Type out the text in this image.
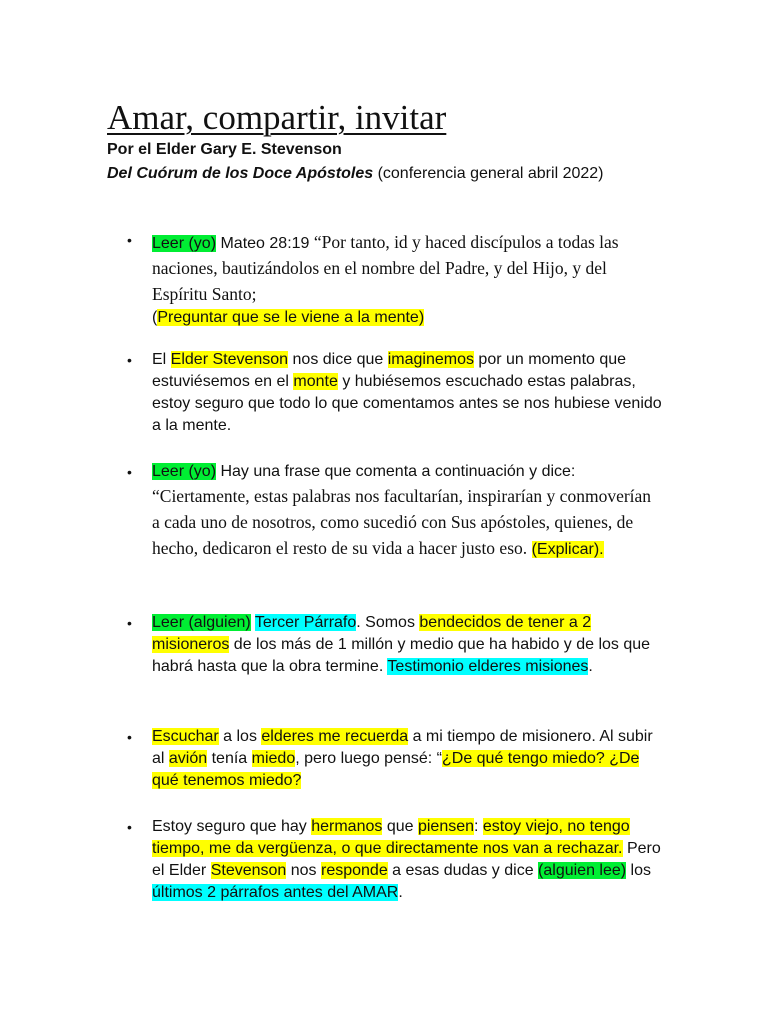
Amar, compartir, invitar

Por el Elder Gary E. Stevenson

Del Cuórum de los Doce Apóstoles (conferencia general abril 2022)

• Leer (yo) Mateo 28:19 “Por tanto, id y haced discípulos a todas las naciones, bautizándolos en el nombre del Padre, y del Hijo, y del Espíritu Santo;
(Preguntar que se le viene a la mente)
• El Elder Stevenson nos dice que imaginemos por un momento que estuviésemos en el monte y hubiésemos escuchado estas palabras, estoy seguro que todo lo que comentamos antes se nos hubiese venido a la mente.
• Leer (yo) Hay una frase que comenta a continuación y dice: “Ciertamente, estas palabras nos facultarían, inspirarían y conmoverían a cada uno de nosotros, como sucedió con Sus apóstoles, quienes, de hecho, dedicaron el resto de su vida a hacer justo eso. (Explicar).
• Leer (alguien) Tercer Párrafo. Somos bendecidos de tener a 2 misioneros de los más de 1 millón y medio que ha habido y de los que habrá hasta que la obra termine. Testimonio elderes misiones.
• Escuchar a los elderes me recuerda a mi tiempo de misionero. Al subir al avión tenía miedo, pero luego pensé: “¿De qué tengo miedo? ¿De qué tenemos miedo?
• Estoy seguro que hay hermanos que piensen: estoy viejo, no tengo tiempo, me da vergüenza, o que directamente nos van a rechazar. Pero el Elder Stevenson nos responde a esas dudas y dice (alguien lee) los últimos 2 párrafos antes del AMAR.
